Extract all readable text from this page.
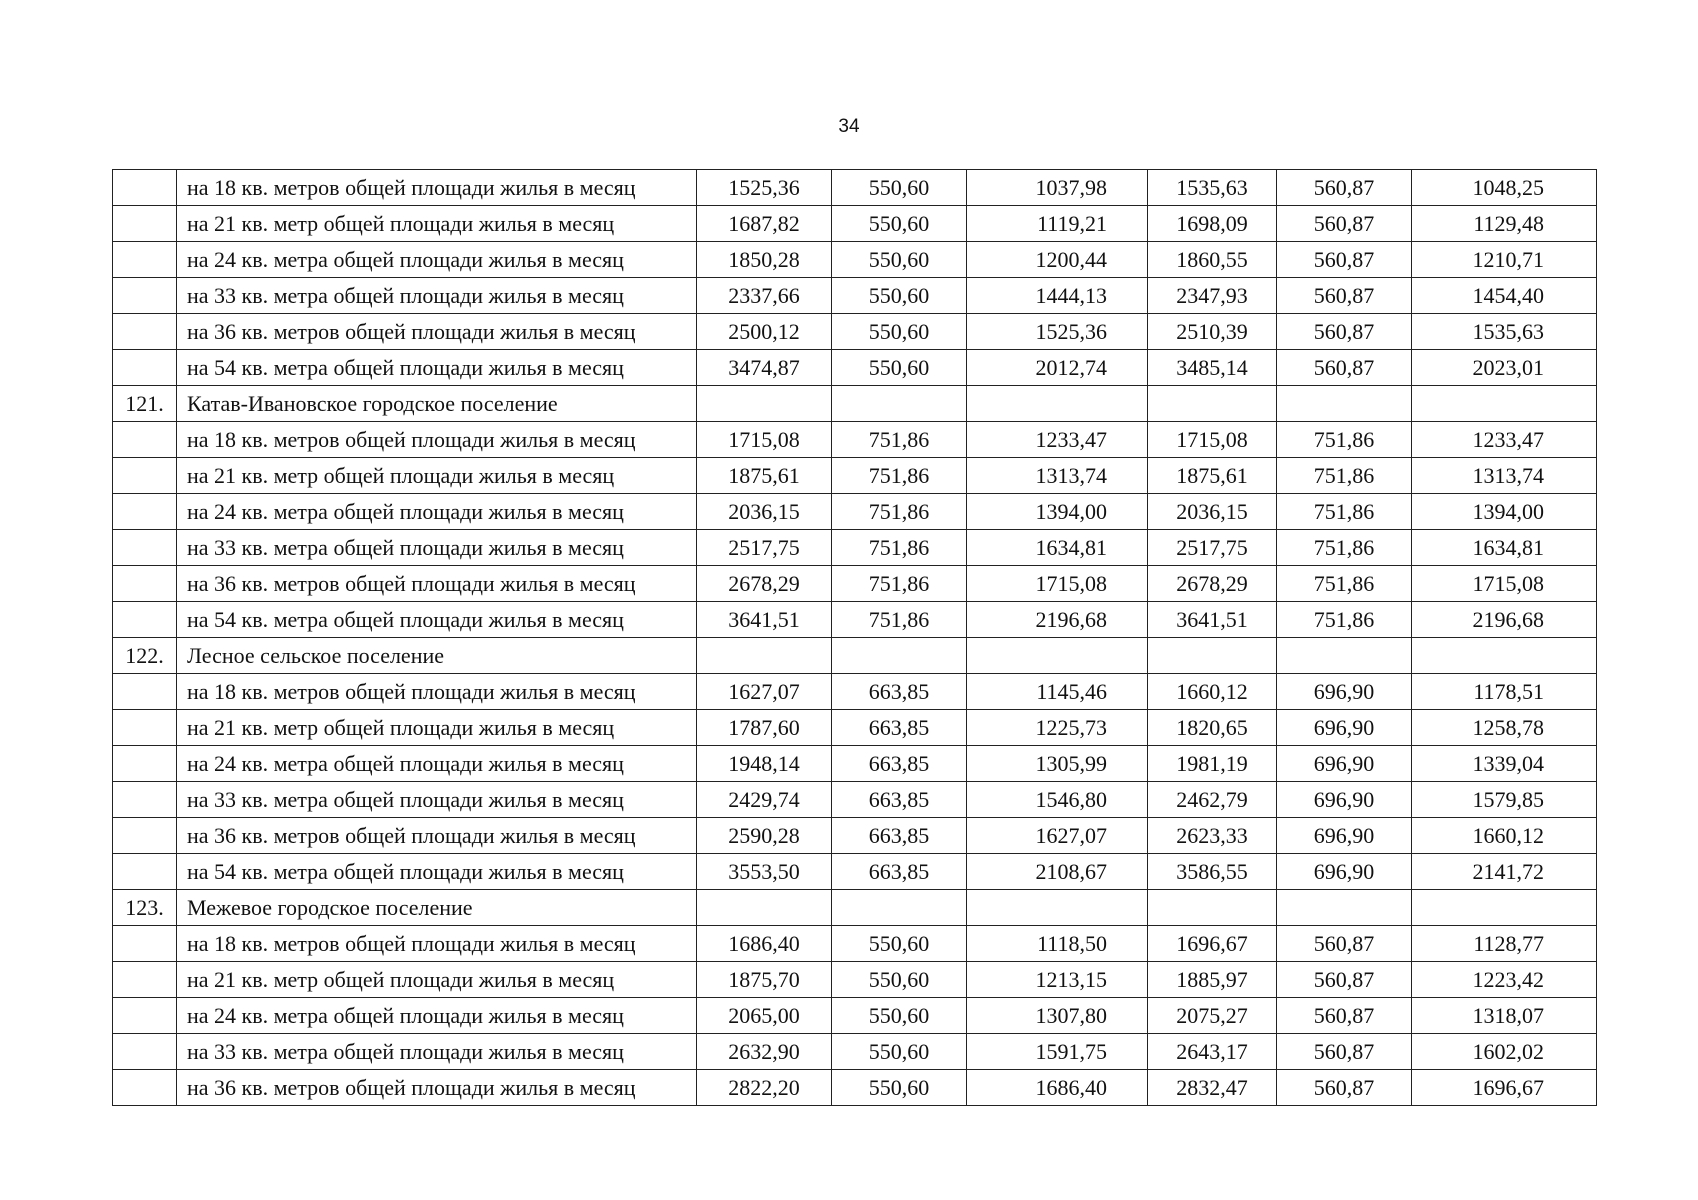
34
	на 18 кв. метров общей площади жилья в месяц	1525,36	550,60	1037,98	1535,63	560,87	1048,25
	на 21 кв. метр общей площади жилья в месяц	1687,82	550,60	1119,21	1698,09	560,87	1129,48
	на 24 кв. метра общей площади жилья в месяц	1850,28	550,60	1200,44	1860,55	560,87	1210,71
	на 33 кв. метра общей площади жилья в месяц	2337,66	550,60	1444,13	2347,93	560,87	1454,40
	на 36 кв. метров общей площади жилья в месяц	2500,12	550,60	1525,36	2510,39	560,87	1535,63
	на 54 кв. метра общей площади жилья в месяц	3474,87	550,60	2012,74	3485,14	560,87	2023,01
121.	Катав-Ивановское городское поселение						
	на 18 кв. метров общей площади жилья в месяц	1715,08	751,86	1233,47	1715,08	751,86	1233,47
	на 21 кв. метр общей площади жилья в месяц	1875,61	751,86	1313,74	1875,61	751,86	1313,74
	на 24 кв. метра общей площади жилья в месяц	2036,15	751,86	1394,00	2036,15	751,86	1394,00
	на 33 кв. метра общей площади жилья в месяц	2517,75	751,86	1634,81	2517,75	751,86	1634,81
	на 36 кв. метров общей площади жилья в месяц	2678,29	751,86	1715,08	2678,29	751,86	1715,08
	на 54 кв. метра общей площади жилья в месяц	3641,51	751,86	2196,68	3641,51	751,86	2196,68
122.	Лесное сельское поселение						
	на 18 кв. метров общей площади жилья в месяц	1627,07	663,85	1145,46	1660,12	696,90	1178,51
	на 21 кв. метр общей площади жилья в месяц	1787,60	663,85	1225,73	1820,65	696,90	1258,78
	на 24 кв. метра общей площади жилья в месяц	1948,14	663,85	1305,99	1981,19	696,90	1339,04
	на 33 кв. метра общей площади жилья в месяц	2429,74	663,85	1546,80	2462,79	696,90	1579,85
	на 36 кв. метров общей площади жилья в месяц	2590,28	663,85	1627,07	2623,33	696,90	1660,12
	на 54 кв. метра общей площади жилья в месяц	3553,50	663,85	2108,67	3586,55	696,90	2141,72
123.	Межевое городское поселение						
	на 18 кв. метров общей площади жилья в месяц	1686,40	550,60	1118,50	1696,67	560,87	1128,77
	на 21 кв. метр общей площади жилья в месяц	1875,70	550,60	1213,15	1885,97	560,87	1223,42
	на 24 кв. метра общей площади жилья в месяц	2065,00	550,60	1307,80	2075,27	560,87	1318,07
	на 33 кв. метра общей площади жилья в месяц	2632,90	550,60	1591,75	2643,17	560,87	1602,02
	на 36 кв. метров общей площади жилья в месяц	2822,20	550,60	1686,40	2832,47	560,87	1696,67
